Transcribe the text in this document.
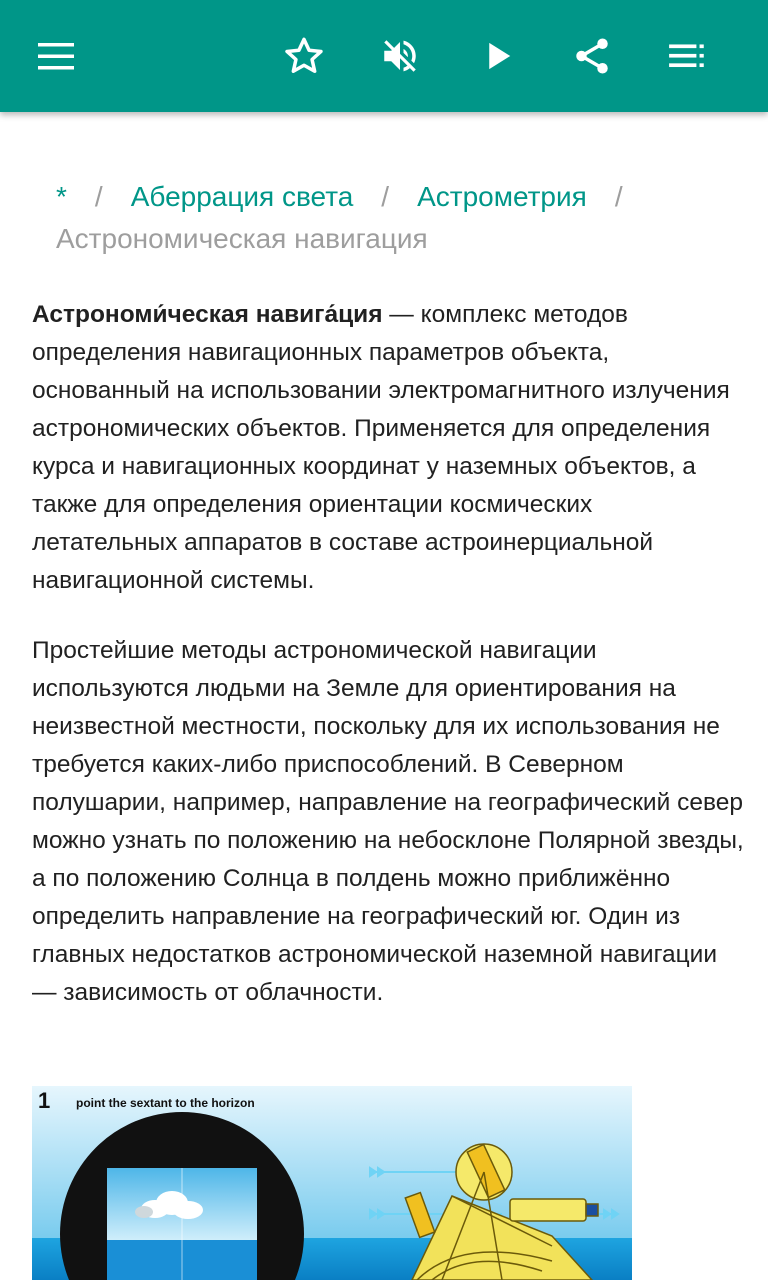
* / Аберрация света / Астрометрия /Астрономическая навигация

Астрономи́ческая навига́ция — комплекс методов определения навигационных параметров объекта, основанный на использовании электромагнитного излучения астрономических объектов. Применяется для определения курса и навигационных координат у наземных объектов, а также для определения ориентации космических летательных аппаратов в составе астроинерциальной навигационной системы.

Простейшие методы астрономической навигации используются людьми на Земле для ориентирования на неизвестной местности, поскольку для их использования не требуется каких-либо приспособлений. В Северном полушарии, например, направление на географический север можно узнать по положению на небосклоне Полярной звезды, а по положению Солнца в полдень можно приближённо определить направление на географический юг. Один из главных недостатков астрономической наземной навигации — зависимость от облачности.

1 point the sextant to the horizon
